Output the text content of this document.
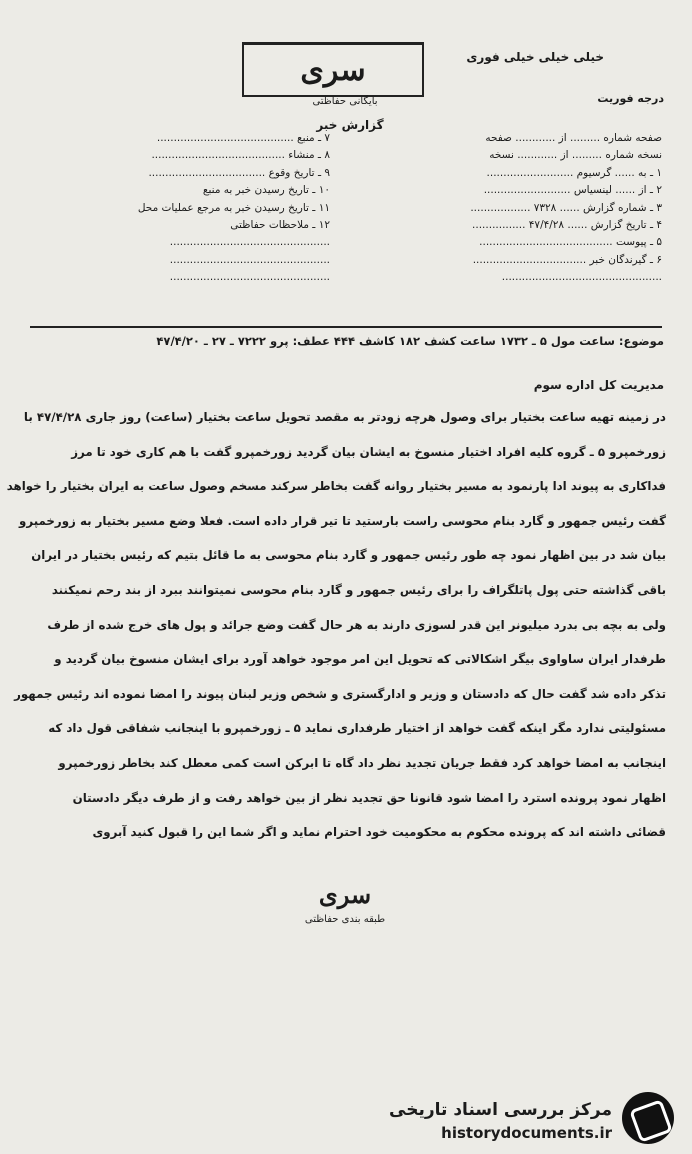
سری
بایگانی حفاظتی
گزارش خبر
خیلی خیلی خیلی فوری
درجه فوریت
صفحه شماره ......... از ............ صفحه
نسخه شماره ......... از ............ نسخه
۱ ـ به ...... گرسیوم ..........................
۲ ـ از ...... لینسیاس ..........................
۳ ـ شماره گزارش ...... ۷۳۲۸ ..................
۴ ـ تاریخ گزارش ...... ۴۷/۴/۲۸ ................
۵ ـ پیوست ........................................
۶ ـ گیرندگان خبر ..................................
................................................
۷ ـ منبع .........................................
۸ ـ منشاء ........................................
۹ ـ تاریخ وقوع ...................................
۱۰ ـ تاریخ رسیدن خبر به منبع
۱۱ ـ تاریخ رسیدن خبر به مرجع عملیات محل
۱۲ ـ ملاحظات حفاظتی
................................................
................................................
................................................
موضوع: ساعت مول ۵ ـ ۱۷۳۲ ساعت کشف ۱۸۲ کاشف ۴۴۴ عطف: پرو ۷۲۲۲ ـ ۲۷ ـ ۴۷/۴/۲۰
مدیریت کل اداره سوم
در زمینه تهیه ساعت بختیار برای وصول هرچه زودتر به مقصد تحویل ساعت بختیار (ساعت) روز جاری ۴۷/۴/۲۸ با
زورخمپرو ۵ ـ گروه کلیه افراد اختیار منسوخ به ایشان بیان گردید زورخمپرو گفت با هم کاری خود تا مرز
فداکاری به پیوند ادا پارنمود به مسیر بختیار روانه گفت بخاطر سرکند مسخم وصول ساعت به ایران بختیار را خواهد
گفت رئیس جمهور و گارد بنام محوسی راست بارستید تا تیر قرار داده است. فعلا وضع مسیر بختیار به زورخمپرو
بیان شد در بین اظهار نمود چه طور رئیس جمهور و گارد بنام محوسی به ما قائل بتیم که رئیس بختیار در ایران
باقی گذاشته حتی پول پاتلگراف را برای رئیس جمهور و گارد بنام محوسی نمیتوانند ببرد از بند رحم نمیکنند
ولی به بچه بی بدرد میلیونر این قدر لسوزی دارند به هر حال گفت وضع جرائد و پول های خرج شده از طرف
طرفدار ایران ساواوی بیگر اشکالاتی که تحویل این امر موجود خواهد آورد برای ایشان منسوخ بیان گردید و
تذکر داده شد گفت حال که دادستان و وزیر و ادارگستری و شخص وزیر لبنان پیوند را امضا نموده اند رئیس جمهور
مسئولیتی ندارد مگر اینکه گفت خواهد از اختیار طرفداری نماید ۵ ـ زورخمپرو با اینجانب شفاقی قول داد که
اینجانب به امضا خواهد کرد فقط جریان تجدید نظر داد گاه تا ابرکن است کمی معطل کند بخاطر زورخمپرو
اظهار نمود پرونده استرد را امضا شود قانونا حق تجدید نظر از بین خواهد رفت و از طرف دیگر دادستان
قضائی داشته اند که پرونده محکوم به محکومیت خود احترام نماید و اگر شما این را قبول کنید آبروی
سری
طبقه بندی حفاظتی
مرکز بررسی اسناد تاریخی
historydocuments.ir
